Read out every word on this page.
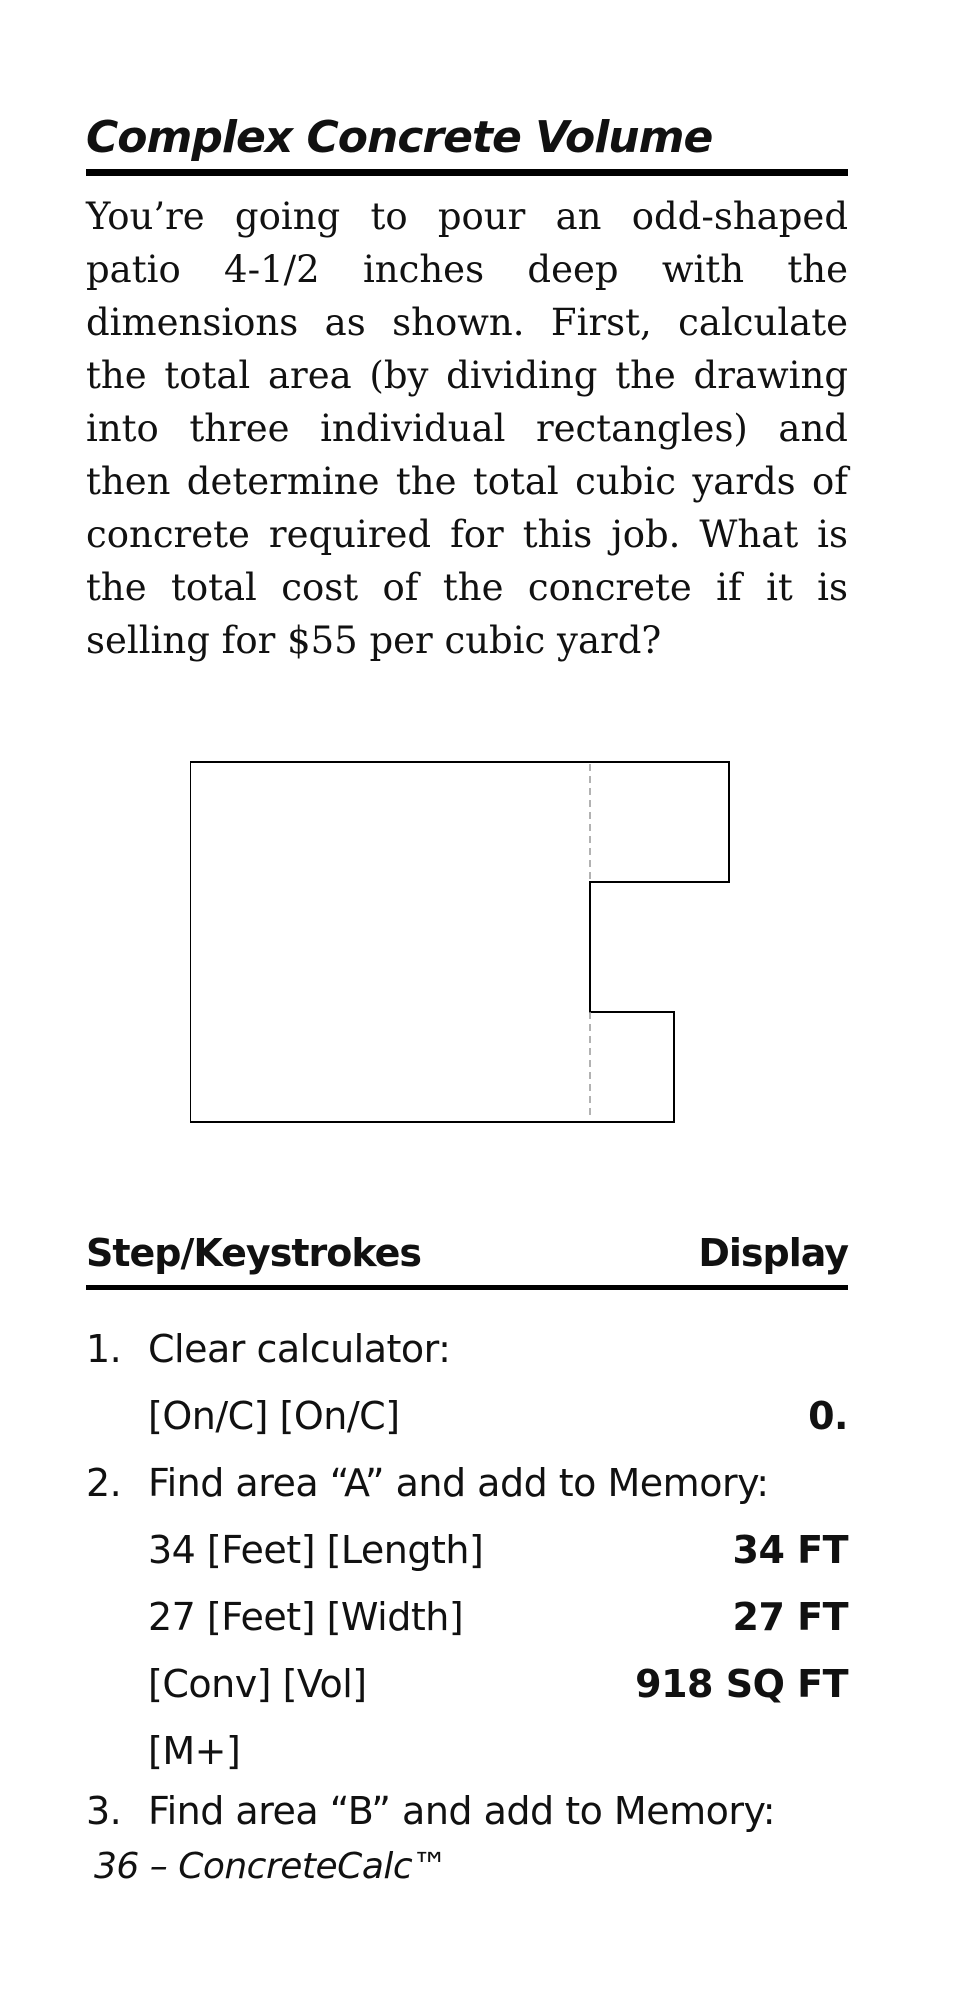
Complex Concrete Volume

You’re going to pour an odd-shaped patio 4-1/2 inches deep with the dimensions as shown. First, calculate the total area (by dividing the drawing into three individual rectangles) and then determine the total cubic yards of concrete required for this job. What is the total cost of the concrete if it is selling for $55 per cubic yard?

Step/Keystrokes	Display
1. Clear calculator:
[On/C] [On/C]	0.
2. Find area “A” and add to Memory:
34 [Feet] [Length]	34 FT
27 [Feet] [Width]	27 FT
[Conv] [Vol]	918 SQ FT
[M+]
3. Find area “B” and add to Memory:
36 – ConcreteCalc™
